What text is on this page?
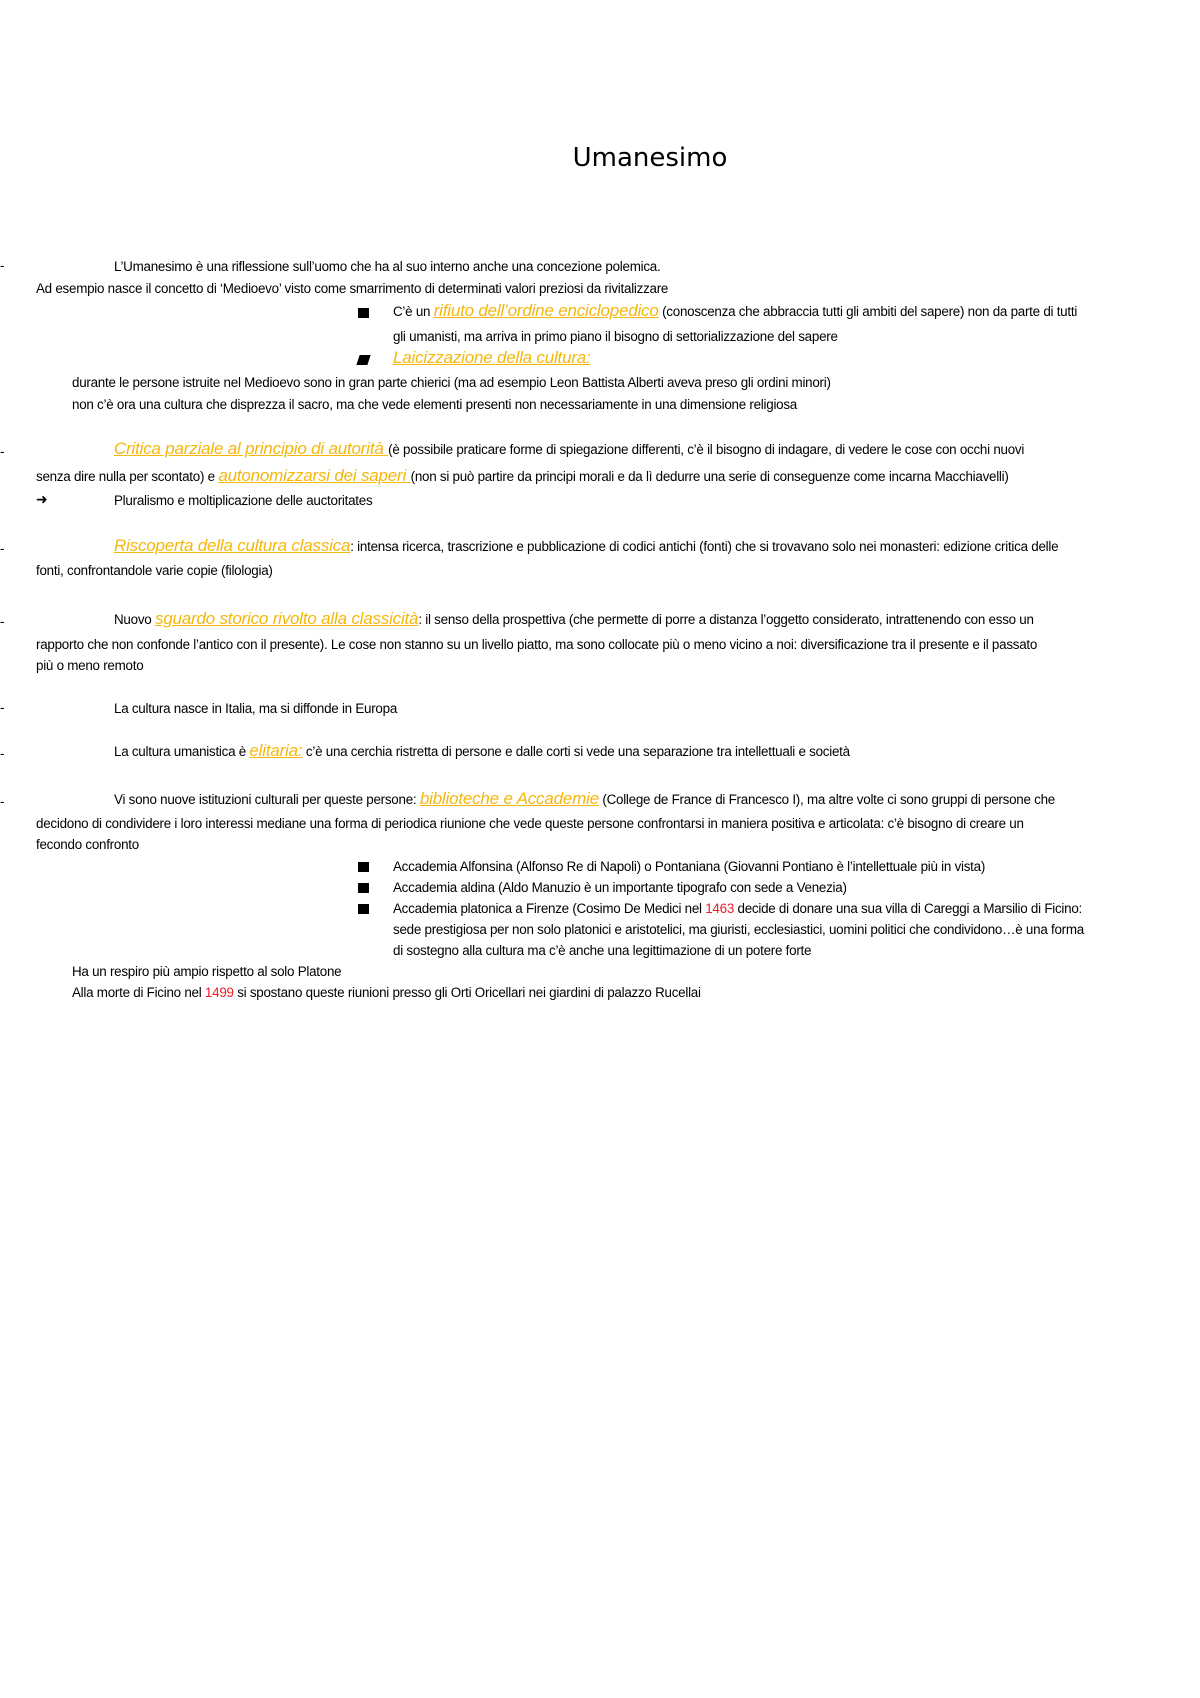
Umanesimo
-	L’Umanesimo è una riflessione sull’uomo che ha al suo interno anche una concezione polemica.
Ad esempio nasce il concetto di ‘Medioevo’ visto come smarrimento di determinati valori preziosi da rivitalizzare
C’è un rifiuto dell’ordine enciclopedico (conoscenza che abbraccia tutti gli ambiti del sapere) non da parte di tutti
gli umanisti, ma arriva in primo piano il bisogno di settorializzazione del sapere
Laicizzazione della cultura:
durante le persone istruite nel Medioevo sono in gran parte chierici (ma ad esempio Leon Battista Alberti aveva preso gli ordini minori)
non c’è ora una cultura che disprezza il sacro, ma che vede elementi presenti non necessariamente in una dimensione religiosa
-	Critica parziale al principio di autorità (è possibile praticare forme di spiegazione differenti, c’è il bisogno di indagare, di vedere le cose con occhi nuovi
senza dire nulla per scontato) e autonomizzarsi dei saperi (non si può partire da principi morali e da lì dedurre una serie di conseguenze come incarna Macchiavelli)
➜	Pluralismo e moltiplicazione delle auctoritates
-	Riscoperta della cultura classica: intensa ricerca, trascrizione e pubblicazione di codici antichi (fonti) che si trovavano solo nei monasteri: edizione critica delle
fonti, confrontandole varie copie (filologia)
-	Nuovo sguardo storico rivolto alla classicità: il senso della prospettiva (che permette di porre a distanza l’oggetto considerato, intrattenendo con esso un
rapporto che non confonde l’antico con il presente). Le cose non stanno su un livello piatto, ma sono collocate più o meno vicino a noi: diversificazione tra il presente e il passato
più o meno remoto
-	La cultura nasce in Italia, ma si diffonde in Europa
-	La cultura umanistica è elitaria: c’è una cerchia ristretta di persone e dalle corti si vede una separazione tra intellettuali e società
-	Vi sono nuove istituzioni culturali per queste persone: biblioteche e Accademie (College de France di Francesco I), ma altre volte ci sono gruppi di persone che
decidono di condividere i loro interessi mediane una forma di periodica riunione che vede queste persone confrontarsi in maniera positiva e articolata: c’è bisogno di creare un
fecondo confronto
Accademia Alfonsina (Alfonso Re di Napoli) o Pontaniana (Giovanni Pontiano è l’intellettuale più in vista)
Accademia aldina (Aldo Manuzio è un importante tipografo con sede a Venezia)
Accademia platonica a Firenze (Cosimo De Medici nel 1463 decide di donare una sua villa di Careggi a Marsilio di Ficino:
sede prestigiosa per non solo platonici e aristotelici, ma giuristi, ecclesiastici, uomini politici che condividono…è una forma
di sostegno alla cultura ma c’è anche una legittimazione di un potere forte
Ha un respiro più ampio rispetto al solo Platone
Alla morte di Ficino nel 1499 si spostano queste riunioni presso gli Orti Oricellari nei giardini di palazzo Rucellai
